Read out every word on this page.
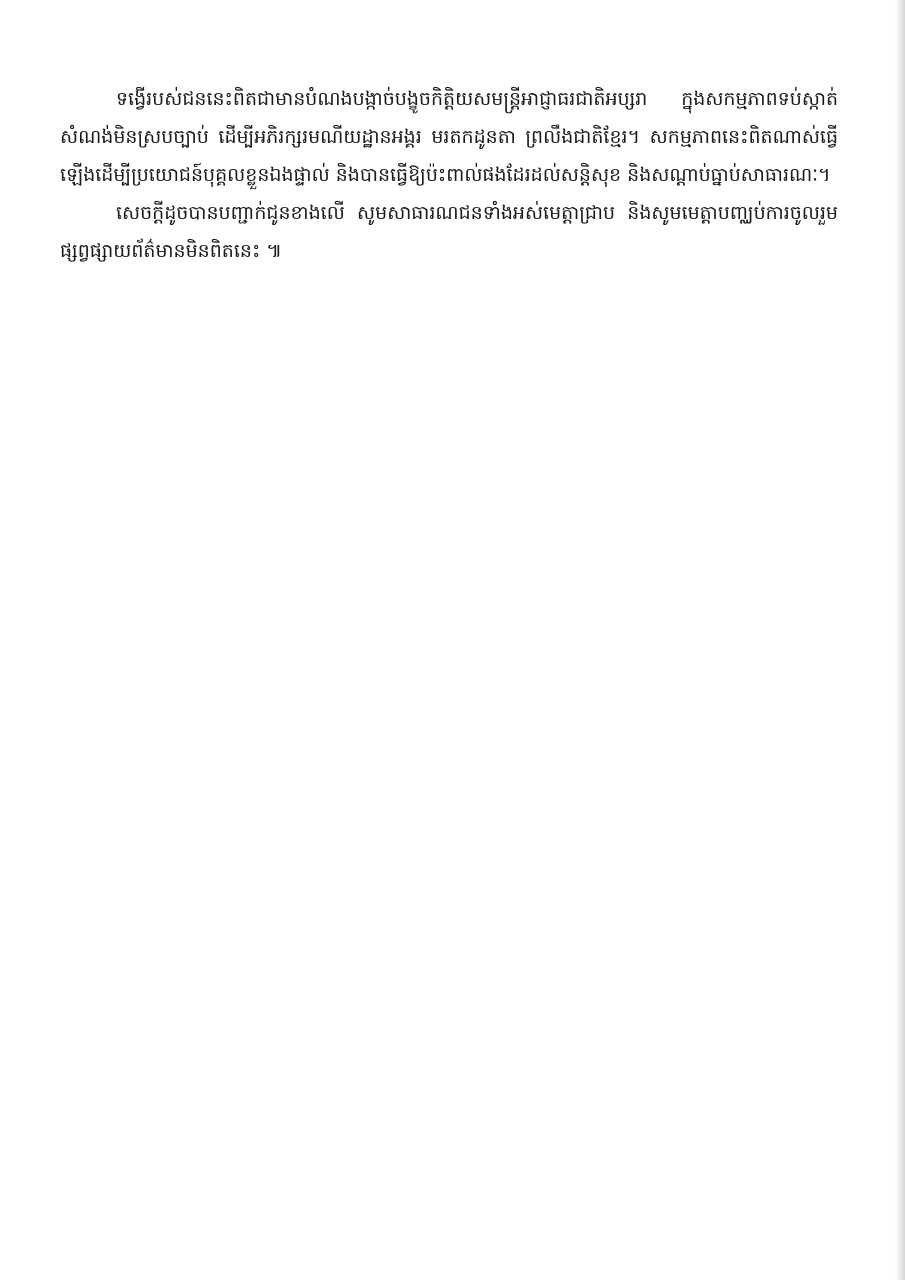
ទង្វើរបស់ជននេះពិតជាមានបំណងបង្កាច់បង្ខូចកិត្តិយសមន្ត្រីអាជ្ញាធរជាតិអប្សរា ក្នុងសកម្មភាពទប់ស្កាត់សំណង់មិនស្របច្បាប់ ដើម្បីអភិរក្សរមណីយដ្ឋានអង្គរ មរតកដូនតា ព្រលឹងជាតិខ្មែរ។ សកម្មភាពនេះពិតណាស់ធ្វើឡើងដើម្បីប្រយោជន៍បុគ្គលខ្លួនឯងផ្ទាល់ និងបានធ្វើឱ្យប៉ះពាល់ផងដែរដល់សន្តិសុខ និងសណ្តាប់ធ្នាប់សាធារណៈ។

សេចក្តីដូចបានបញ្ជាក់ជូនខាងលើ សូមសាធារណជនទាំងអស់មេត្តាជ្រាប និងសូមមេត្តាបញ្ឈប់ការចូលរួមផ្សព្វផ្សាយព័ត៌មានមិនពិតនេះ ៕
